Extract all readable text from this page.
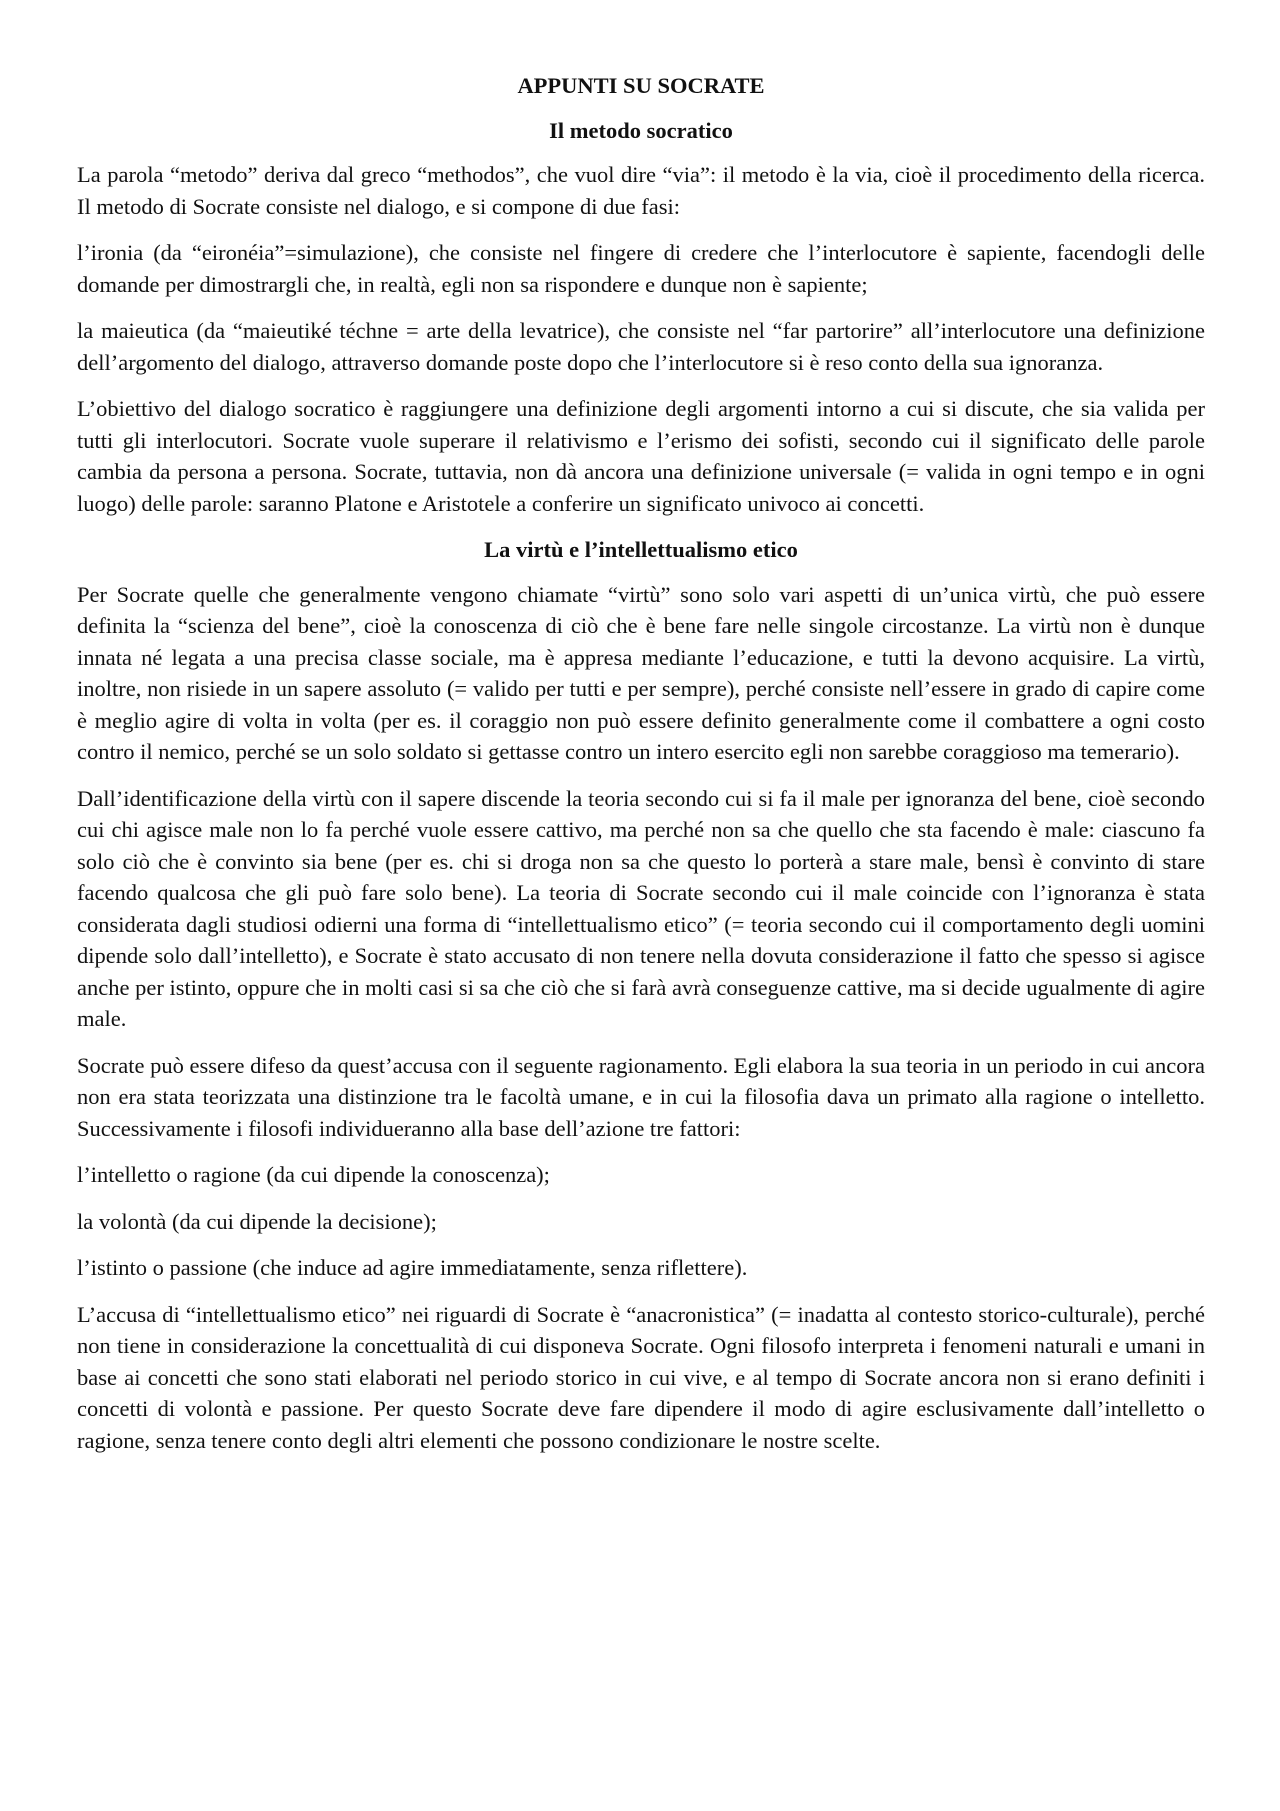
APPUNTI SU SOCRATE
Il metodo socratico

La parola “metodo” deriva dal greco “methodos”, che vuol dire “via”: il metodo è la via, cioè il procedimento della ricerca. Il metodo di Socrate consiste nel dialogo, e si compone di due fasi:

l’ironia (da “eironéia”=simulazione), che consiste nel fingere di credere che l’interlocutore è sapiente, facendogli delle domande per dimostrargli che, in realtà, egli non sa rispondere e dunque non è sapiente;

la maieutica (da “maieutiké téchne = arte della levatrice), che consiste nel “far partorire” all’interlocutore una definizione dell’argomento del dialogo, attraverso domande poste dopo che l’interlocutore si è reso conto della sua ignoranza.

L’obiettivo del dialogo socratico è raggiungere una definizione degli argomenti intorno a cui si discute, che sia valida per tutti gli interlocutori. Socrate vuole superare il relativismo e l’erismo dei sofisti, secondo cui il significato delle parole cambia da persona a persona. Socrate, tuttavia, non dà ancora una definizione universale (= valida in ogni tempo e in ogni luogo) delle parole: saranno Platone e Aristotele a conferire un significato univoco ai concetti.

La virtù e l’intellettualismo etico

Per Socrate quelle che generalmente vengono chiamate “virtù” sono solo vari aspetti di un’unica virtù, che può essere definita la “scienza del bene”, cioè la conoscenza di ciò che è bene fare nelle singole circostanze. La virtù non è dunque innata né legata a una precisa classe sociale, ma è appresa mediante l’educazione, e tutti la devono acquisire. La virtù, inoltre, non risiede in un sapere assoluto (= valido per tutti e per sempre), perché consiste nell’essere in grado di capire come è meglio agire di volta in volta (per es. il coraggio non può essere definito generalmente come il combattere a ogni costo contro il nemico, perché se un solo soldato si gettasse contro un intero esercito egli non sarebbe coraggioso ma temerario).

Dall’identificazione della virtù con il sapere discende la teoria secondo cui si fa il male per ignoranza del bene, cioè secondo cui chi agisce male non lo fa perché vuole essere cattivo, ma perché non sa che quello che sta facendo è male: ciascuno fa solo ciò che è convinto sia bene (per es. chi si droga non sa che questo lo porterà a stare male, bensì è convinto di stare facendo qualcosa che gli può fare solo bene). La teoria di Socrate secondo cui il male coincide con l’ignoranza è stata considerata dagli studiosi odierni una forma di “intellettualismo etico” (= teoria secondo cui il comportamento degli uomini dipende solo dall’intelletto), e Socrate è stato accusato di non tenere nella dovuta considerazione il fatto che spesso si agisce anche per istinto, oppure che in molti casi si sa che ciò che si farà avrà conseguenze cattive, ma si decide ugualmente di agire male.

Socrate può essere difeso da quest’accusa con il seguente ragionamento. Egli elabora la sua teoria in un periodo in cui ancora non era stata teorizzata una distinzione tra le facoltà umane, e in cui la filosofia dava un primato alla ragione o intelletto. Successivamente i filosofi individueranno alla base dell’azione tre fattori:

l’intelletto o ragione (da cui dipende la conoscenza);

la volontà (da cui dipende la decisione);

l’istinto o passione (che induce ad agire immediatamente, senza riflettere).

L’accusa di “intellettualismo etico” nei riguardi di Socrate è “anacronistica” (= inadatta al contesto storico-culturale), perché non tiene in considerazione la concettualità di cui disponeva Socrate. Ogni filosofo interpreta i fenomeni naturali e umani in base ai concetti che sono stati elaborati nel periodo storico in cui vive, e al tempo di Socrate ancora non si erano definiti i concetti di volontà e passione. Per questo Socrate deve fare dipendere il modo di agire esclusivamente dall’intelletto o ragione, senza tenere conto degli altri elementi che possono condizionare le nostre scelte.
